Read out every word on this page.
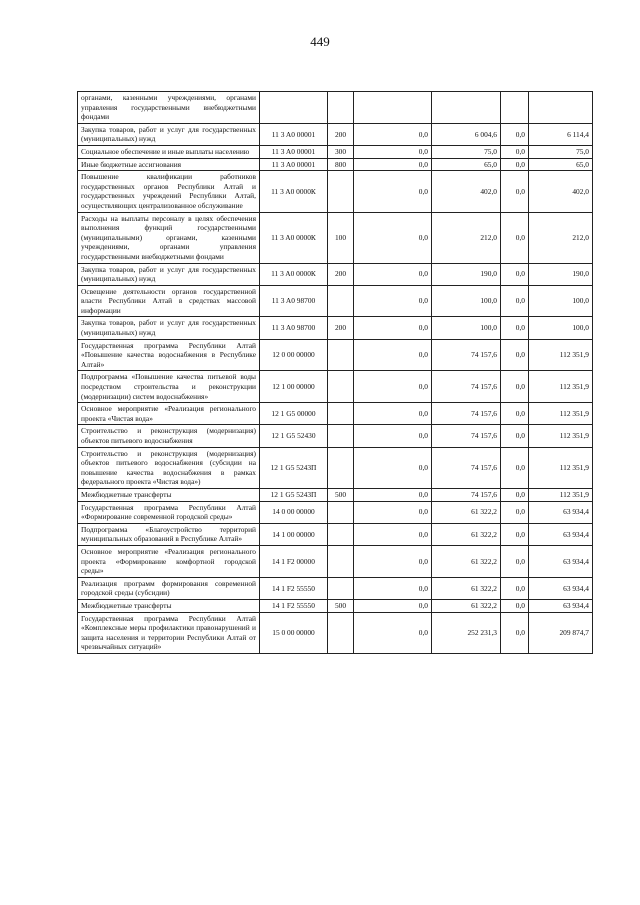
449
органами, казенными учреждениями, органами управления государственными внебюджетными фондами						
Закупка товаров, работ и услуг для государственных (муниципальных) нужд	11 3 A0 00001	200	0,0	6 004,6	0,0	6 114,4
Социальное обеспечение и иные выплаты населению	11 3 A0 00001	300	0,0	75,0	0,0	75,0
Иные бюджетные ассигнования	11 3 A0 00001	800	0,0	65,0	0,0	65,0
Повышение квалификации работников государственных органов Республики Алтай и государственных учреждений Республики Алтай, осуществляющих централизованное обслуживание	11 3 A0 0000К		0,0	402,0	0,0	402,0
Расходы на выплаты персоналу в целях обеспечения выполнения функций государственными (муниципальными) органами, казенными учреждениями, органами управления государственными внебюджетными фондами	11 3 A0 0000К	100	0,0	212,0	0,0	212,0
Закупка товаров, работ и услуг для государственных (муниципальных) нужд	11 3 A0 0000К	200	0,0	190,0	0,0	190,0
Освещение деятельности органов государственной власти Республики Алтай в средствах массовой информации	11 3 A0 98700		0,0	100,0	0,0	100,0
Закупка товаров, работ и услуг для государственных (муниципальных) нужд	11 3 A0 98700	200	0,0	100,0	0,0	100,0
Государственная программа Республики Алтай «Повышение качества водоснабжения в Республике Алтай»	12 0 00 00000		0,0	74 157,6	0,0	112 351,9
Подпрограмма «Повышение качества питьевой воды посредством строительства и реконструкции (модернизации) систем водоснабжения»	12 1 00 00000		0,0	74 157,6	0,0	112 351,9
Основное мероприятие «Реализация регионального проекта «Чистая вода»	12 1 G5 00000		0,0	74 157,6	0,0	112 351,9
Строительство и реконструкция (модернизация) объектов питьевого водоснабжения	12 1 G5 52430		0,0	74 157,6	0,0	112 351,9
Строительство и реконструкция (модернизация) объектов питьевого водоснабжения (субсидии на повышение качества водоснабжения в рамках федерального проекта «Чистая вода»)	12 1 G5 5243П		0,0	74 157,6	0,0	112 351,9
Межбюджетные трансферты	12 1 G5 5243П	500	0,0	74 157,6	0,0	112 351,9
Государственная программа Республики Алтай «Формирование современной городской среды»	14 0 00 00000		0,0	61 322,2	0,0	63 934,4
Подпрограмма «Благоустройство территорий муниципальных образований в Республике Алтай»	14 1 00 00000		0,0	61 322,2	0,0	63 934,4
Основное мероприятие «Реализация регионального проекта «Формирование комфортной городской среды»	14 1 F2 00000		0,0	61 322,2	0,0	63 934,4
Реализация программ формирования современной городской среды (субсидии)	14 1 F2 55550		0,0	61 322,2	0,0	63 934,4
Межбюджетные трансферты	14 1 F2 55550	500	0,0	61 322,2	0,0	63 934,4
Государственная программа Республики Алтай «Комплексные меры профилактики правонарушений и защита населения и территории Республики Алтай от чрезвычайных ситуаций»	15 0 00 00000		0,0	252 231,3	0,0	209 874,7
